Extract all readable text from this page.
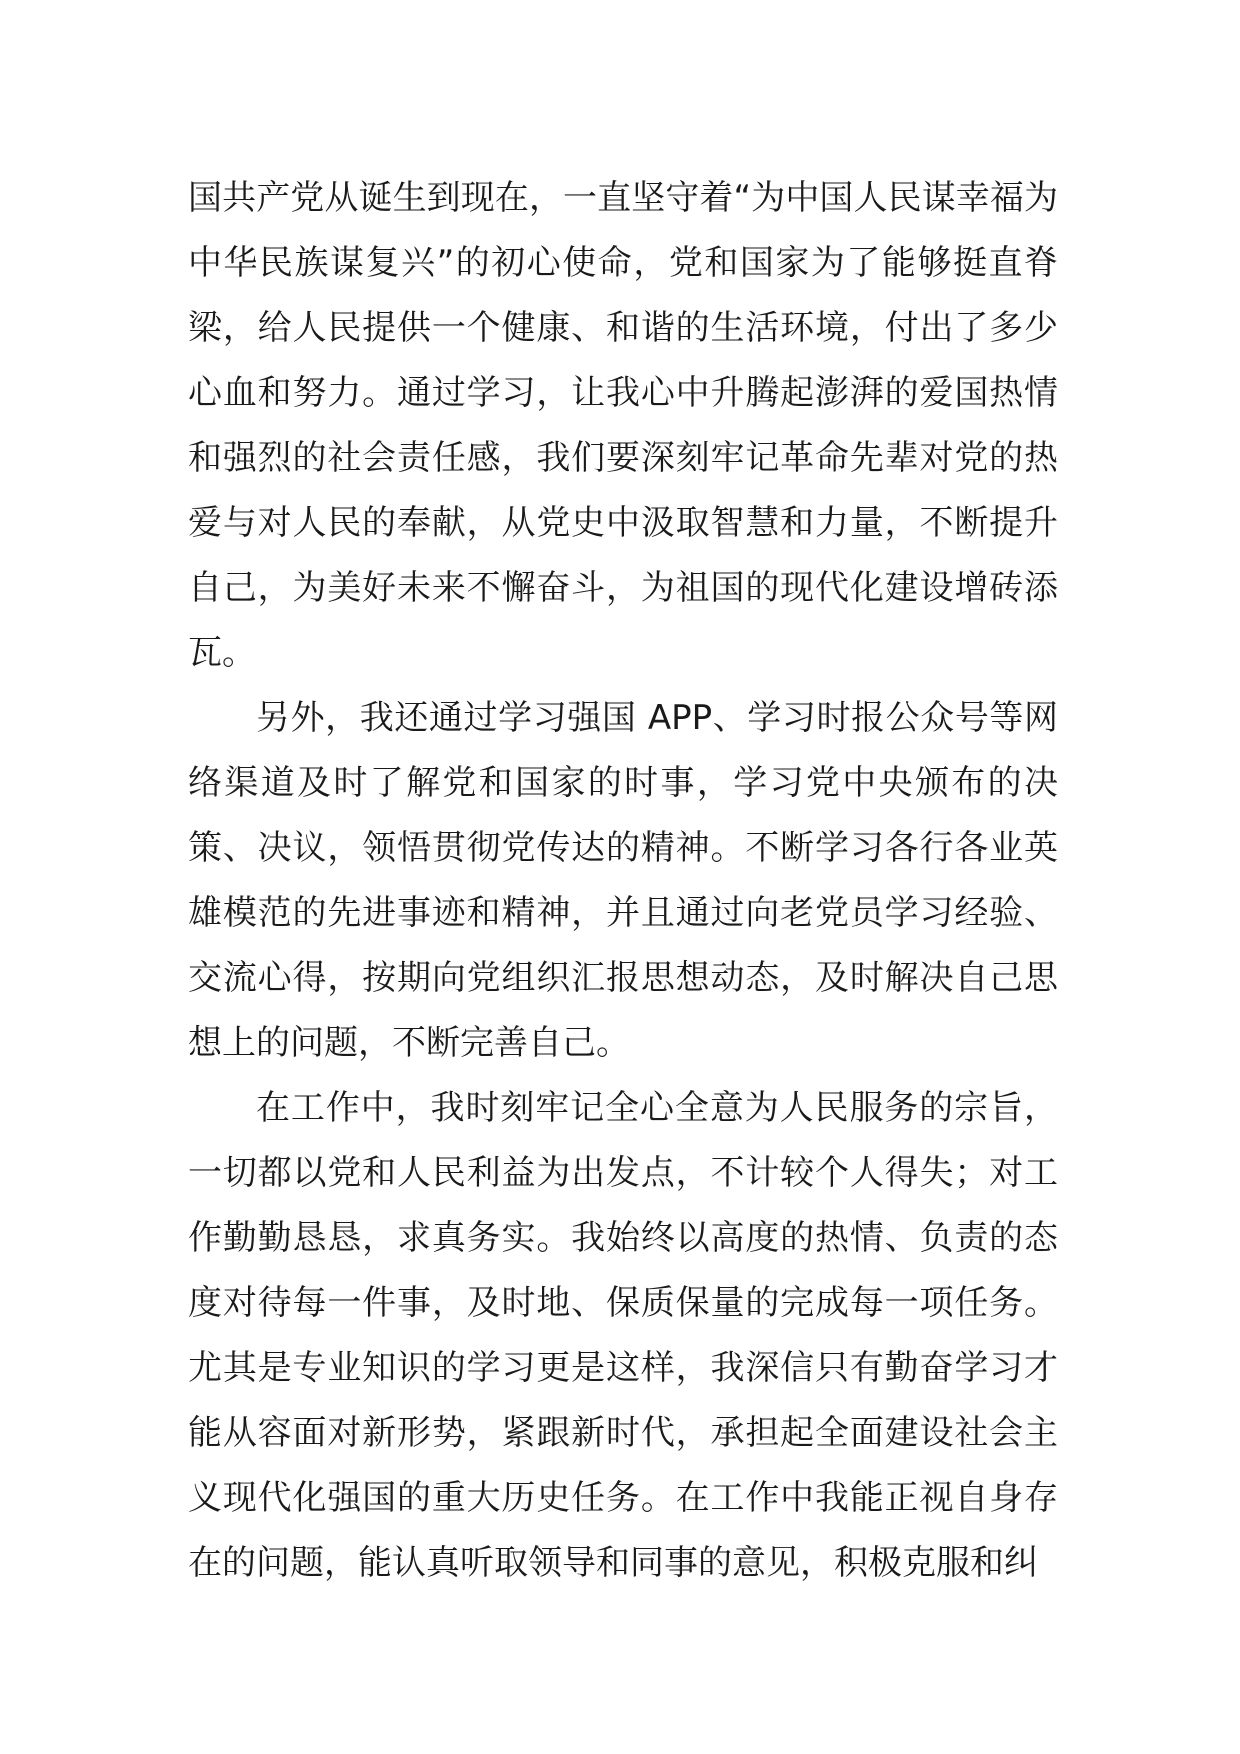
国共产党从诞生到现在，一直坚守着“为中国人民谋幸福为中华民族谋复兴”的初心使命，党和国家为了能够挺直脊梁，给人民提供一个健康、和谐的生活环境，付出了多少心血和努力。通过学习，让我心中升腾起澎湃的爱国热情和强烈的社会责任感，我们要深刻牢记革命先辈对党的热爱与对人民的奉献，从党史中汲取智慧和力量，不断提升自己，为美好未来不懈奋斗，为祖国的现代化建设增砖添瓦。

另外，我还通过学习强国 APP、学习时报公众号等网络渠道及时了解党和国家的时事，学习党中央颁布的决策、决议，领悟贯彻党传达的精神。不断学习各行各业英雄模范的先进事迹和精神，并且通过向老党员学习经验、交流心得，按期向党组织汇报思想动态，及时解决自己思想上的问题，不断完善自己。

在工作中，我时刻牢记全心全意为人民服务的宗旨，一切都以党和人民利益为出发点，不计较个人得失；对工作勤勤恳恳，求真务实。我始终以高度的热情、负责的态度对待每一件事，及时地、保质保量的完成每一项任务。尤其是专业知识的学习更是这样，我深信只有勤奋学习才能从容面对新形势，紧跟新时代，承担起全面建设社会主义现代化强国的重大历史任务。在工作中我能正视自身存在的问题，能认真听取领导和同事的意见，积极克服和纠
